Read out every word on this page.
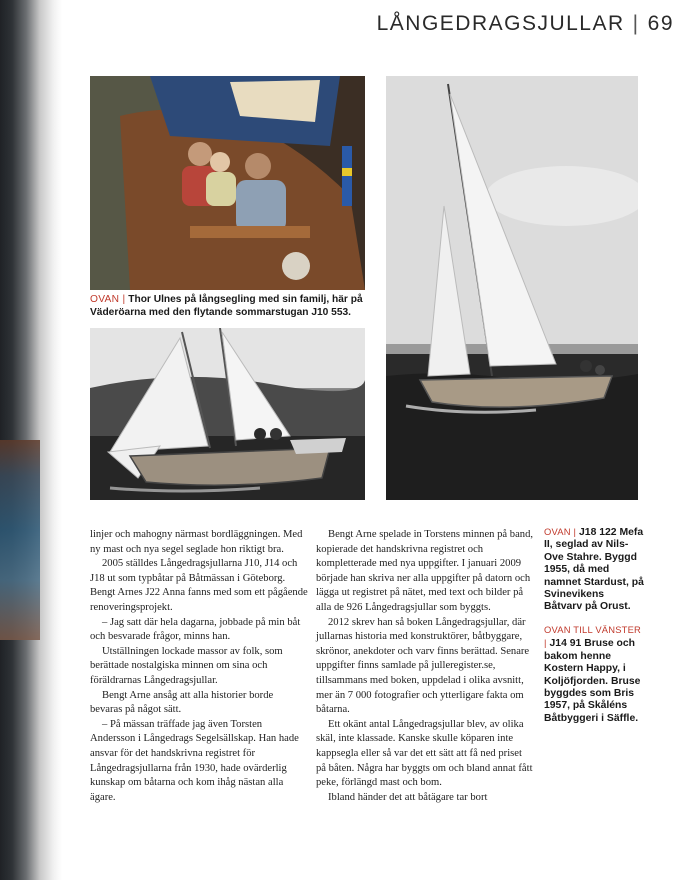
LÅNGEDRAGSJULLAR | 69
OVAN | Thor Ulnes på långsegling med sin familj, här på Väderöarna med den flytande sommarstugan J10 553.

linjer och mahogny närmast bordläggningen. Med ny mast och nya segel seglade hon riktigt bra.

2005 ställdes Långedragsjullarna J10, J14 och J18 ut som typbåtar på Båtmässan i Göteborg. Bengt Arnes J22 Anna fanns med som ett pågående renoveringsprojekt.

– Jag satt där hela dagarna, jobbade på min båt och besvarade frågor, minns han.

Utställningen lockade massor av folk, som berättade nostalgiska minnen om sina och föräldrarnas Långedragsjullar.

Bengt Arne ansåg att alla historier borde bevaras på något sätt.

– På mässan träffade jag även Torsten Andersson i Långedrags Segelsällskap. Han hade ansvar för det handskrivna registret för Långedragsjullarna från 1930, hade ovärderlig kunskap om båtarna och kom ihåg nästan alla ägare.

Bengt Arne spelade in Torstens minnen på band, kopierade det handskrivna registret och kompletterade med nya uppgifter. I januari 2009 började han skriva ner alla uppgifter på datorn och lägga ut registret på nätet, med text och bilder på alla de 926 Långedragsjullar som byggts.

2012 skrev han så boken Långedragsjullar, där jullarnas historia med konstruktörer, båtbyggare, skrönor, anekdoter och varv finns berättad. Senare uppgifter finns samlade på julleregister.se, tillsammans med boken, uppdelad i olika avsnitt, mer än 7 000 fotografier och ytterligare fakta om båtarna.

Ett okänt antal Långedragsjullar blev, av olika skäl, inte klassade. Kanske skulle köparen inte kappsegla eller så var det ett sätt att få ned priset på båten. Några har byggts om och bland annat fått peke, förlängd mast och bom.

Ibland händer det att båtägare tar bort

OVAN | J18 122 Mefa II, seglad av Nils-Ove Stahre. Byggd 1955, då med namnet Stardust, på Svinevikens Båtvarv på Orust.
OVAN TILL VÄNSTER | J14 91 Bruse och bakom henne Kostern Happy, i Koljöfjorden. Bruse byggdes som Bris 1957, på Skåléns Båtbyggeri i Säffle.
